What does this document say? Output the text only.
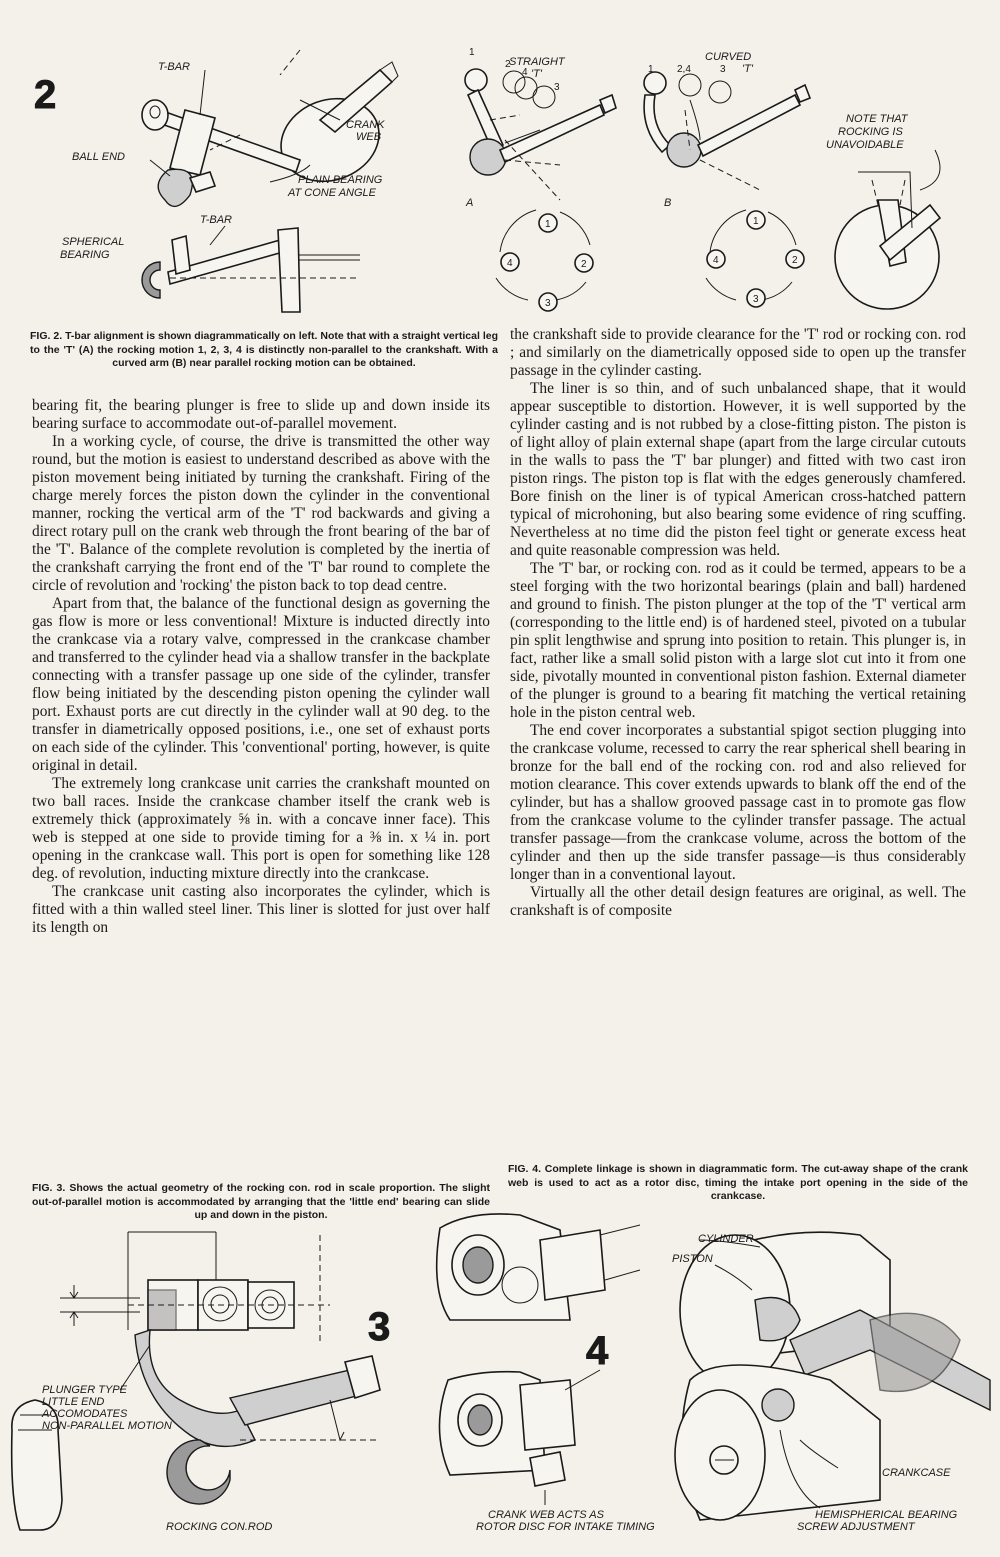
2
T-BAR
CRANK WEB
BALL END
PLAIN BEARING AT CONE ANGLE
T-BAR
SPHERICAL BEARING
STRAIGHT 'T'
1
2
4
3
A
CURVED 'T'
1 2,4	3
B
NOTE THAT ROCKING IS UNAVOIDABLE
1
2
3
4
1
2
3
4
3
PLUNGER TYPE LITTLE END ACCOMODATES NON-PARALLEL MOTION
ROCKING CON.ROD
4
CRANK WEB ACTS AS ROTOR DISC FOR INTAKE TIMING
CYLINDER
PISTON
CRANKCASE
HEMISPHERICAL BEARING SCREW ADJUSTMENT

FIG. 2. T-bar alignment is shown diagrammatically on left. Note that with a straight vertical leg to the 'T' (A) the rocking motion 1, 2, 3, 4 is distinctly non-parallel to the crankshaft. With a curved arm (B) near parallel rocking motion can be obtained.

FIG. 3. Shows the actual geometry of the rocking con. rod in scale proportion. The slight out-of-parallel motion is accommodated by arranging that the 'little end' bearing can slide up and down in the piston.

FIG. 4. Complete linkage is shown in diagrammatic form. The cut-away shape of the crank web is used to act as a rotor disc, timing the intake port opening in the side of the crankcase.

bearing fit, the bearing plunger is free to slide up and down inside its bearing surface to accommodate out-of-parallel movement.

In a working cycle, of course, the drive is transmitted the other way round, but the motion is easiest to understand described as above with the piston movement being initiated by turning the crankshaft. Firing of the charge merely forces the piston down the cylinder in the conventional manner, rocking the vertical arm of the 'T' rod backwards and giving a direct rotary pull on the crank web through the front bearing of the bar of the 'T'. Balance of the complete revolution is completed by the inertia of the crankshaft carrying the front end of the 'T' bar round to complete the circle of revolution and 'rocking' the piston back to top dead centre.

Apart from that, the balance of the functional design as governing the gas flow is more or less conventional! Mixture is inducted directly into the crankcase via a rotary valve, compressed in the crankcase chamber and transferred to the cylinder head via a shallow transfer in the backplate connecting with a transfer passage up one side of the cylinder, transfer flow being initiated by the descending piston opening the cylinder wall port. Exhaust ports are cut directly in the cylinder wall at 90 deg. to the transfer in diametrically opposed positions, i.e., one set of exhaust ports on each side of the cylinder. This 'conventional' porting, however, is quite original in detail.

The extremely long crankcase unit carries the crankshaft mounted on two ball races. Inside the crankcase chamber itself the crank web is extremely thick (approximately ⅝ in. with a concave inner face). This web is stepped at one side to provide timing for a ⅜ in. x ¼ in. port opening in the crankcase wall. This port is open for something like 128 deg. of revolution, inducting mixture directly into the crankcase.

The crankcase unit casting also incorporates the cylinder, which is fitted with a thin walled steel liner. This liner is slotted for just over half its length on

the crankshaft side to provide clearance for the 'T' rod or rocking con. rod ; and similarly on the diametrically opposed side to open up the transfer passage in the cylinder casting.

The liner is so thin, and of such unbalanced shape, that it would appear susceptible to distortion. However, it is well supported by the cylinder casting and is not rubbed by a close-fitting piston. The piston is of light alloy of plain external shape (apart from the large circular cutouts in the walls to pass the 'T' bar plunger) and fitted with two cast iron piston rings. The piston top is flat with the edges generously chamfered. Bore finish on the liner is of typical American cross-hatched pattern typical of microhoning, but also bearing some evidence of ring scuffing. Nevertheless at no time did the piston feel tight or generate excess heat and quite reasonable compression was held.

The 'T' bar, or rocking con. rod as it could be termed, appears to be a steel forging with the two horizontal bearings (plain and ball) hardened and ground to finish. The piston plunger at the top of the 'T' vertical arm (corresponding to the little end) is of hardened steel, pivoted on a tubular pin split lengthwise and sprung into position to retain. This plunger is, in fact, rather like a small solid piston with a large slot cut into it from one side, pivotally mounted in conventional piston fashion. External diameter of the plunger is ground to a bearing fit matching the vertical retaining hole in the piston central web.

The end cover incorporates a substantial spigot section plugging into the crankcase volume, recessed to carry the rear spherical shell bearing in bronze for the ball end of the rocking con. rod and also relieved for motion clearance. This cover extends upwards to blank off the end of the cylinder, but has a shallow grooved passage cast in to promote gas flow from the crankcase volume to the cylinder transfer passage. The actual transfer passage—from the crankcase volume, across the bottom of the cylinder and then up the side transfer passage—is thus considerably longer than in a conventional layout.

Virtually all the other detail design features are original, as well. The crankshaft is of composite
